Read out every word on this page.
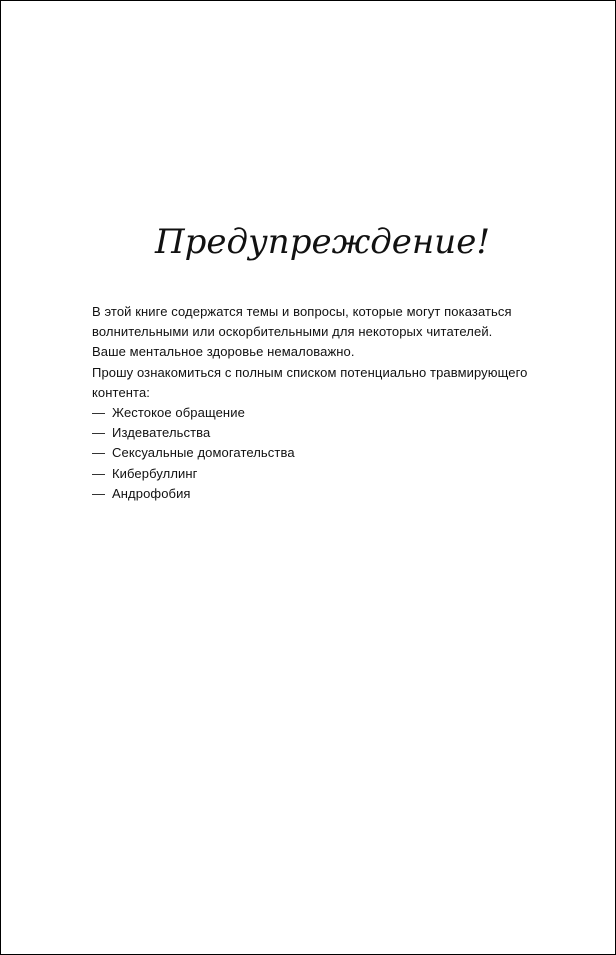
Предупреждение!

В этой книге содержатся темы и вопросы, которые могут показаться волнительными или оскорбительными для некоторых читателей.

Ваше ментальное здоровье немаловажно.

Прошу ознакомиться с полным списком потенциально травмирующего контента:

— Жестокое обращение
— Издевательства
— Сексуальные домогательства
— Кибербуллинг
— Андрофобия
